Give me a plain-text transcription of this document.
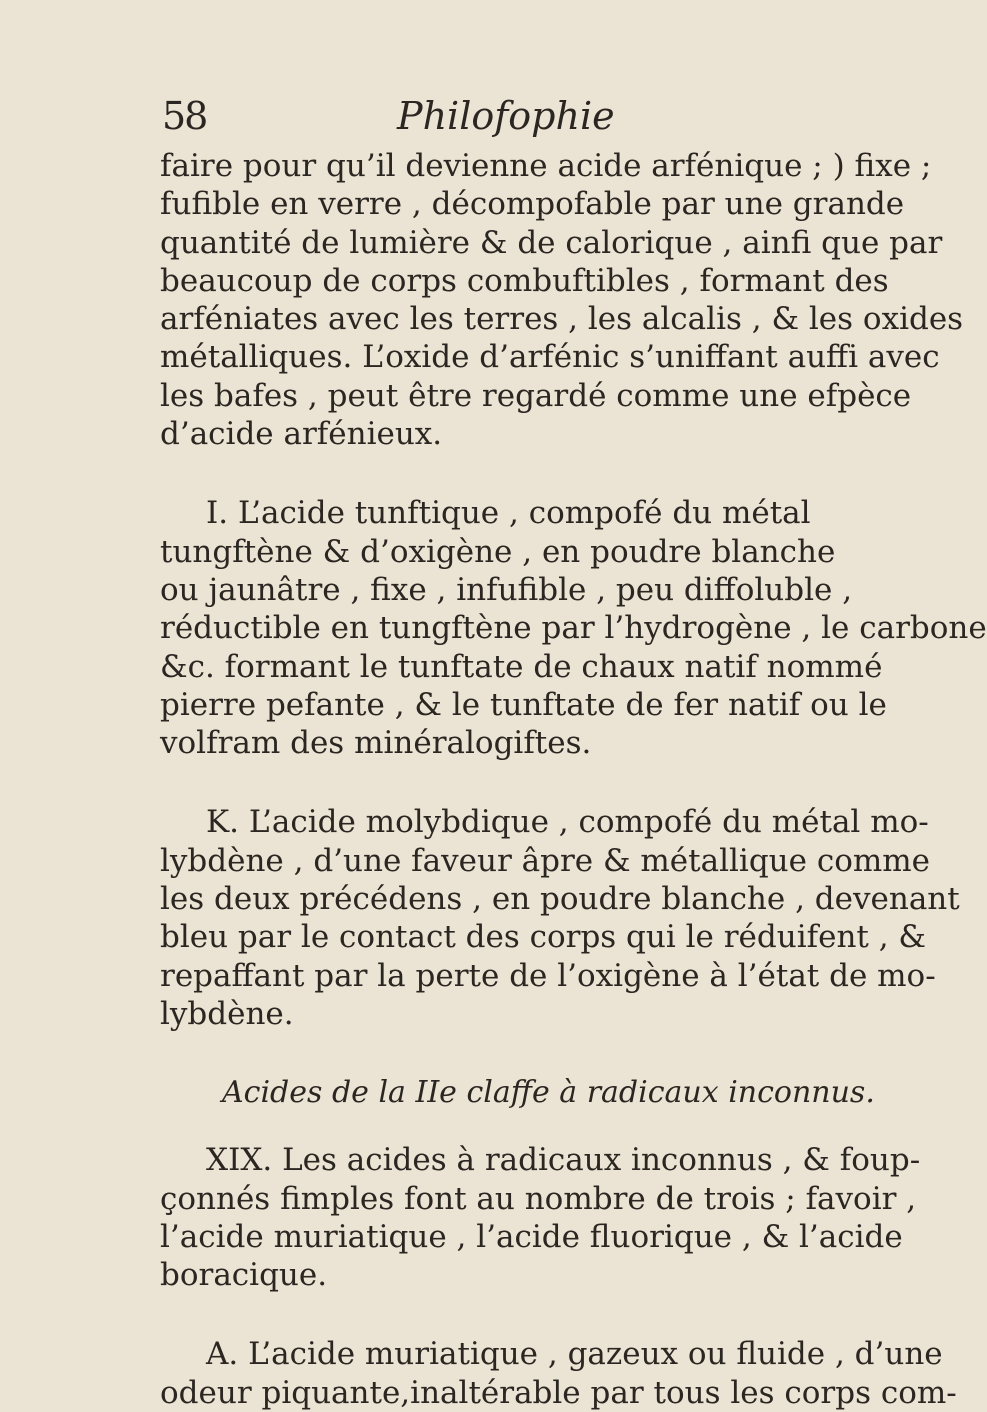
58	Philofophie
faire pour qu’il devienne acide arfénique ; ) fixe ;
fufible en verre , décompofable par une grande
quantité de lumière & de calorique , ainfi que par
beaucoup de corps combuftibles , formant des
arféniates avec les terres , les alcalis , & les oxides
métalliques. L’oxide d’arfénic s’uniffant auffi avec
les bafes , peut être regardé comme une efpèce
d’acide arfénieux.
I. L’acide tunftique , compofé du métal
tungftène & d’oxigène , en poudre blanche
ou jaunâtre , fixe , infufible , peu diffoluble ,
réductible en tungftène par l’hydrogène , le carbone
&c. formant le tunftate de chaux natif nommé
pierre pefante , & le tunftate de fer natif ou le
volfram des minéralogiftes.
K. L’acide molybdique , compofé du métal mo-
lybdène , d’une faveur âpre & métallique comme
les deux précédens , en poudre blanche , devenant
bleu par le contact des corps qui le réduifent , &
repaffant par la perte de l’oxigène à l’état de mo-
lybdène.
Acides de la IIe claffe à radicaux inconnus.
XIX. Les acides à radicaux inconnus , & foup-
çonnés fimples font au nombre de trois ; favoir ,
l’acide muriatique , l’acide fluorique , & l’acide
boracique.
A. L’acide muriatique , gazeux ou fluide , d’une
odeur piquante,inaltérable par tous les corps com-
